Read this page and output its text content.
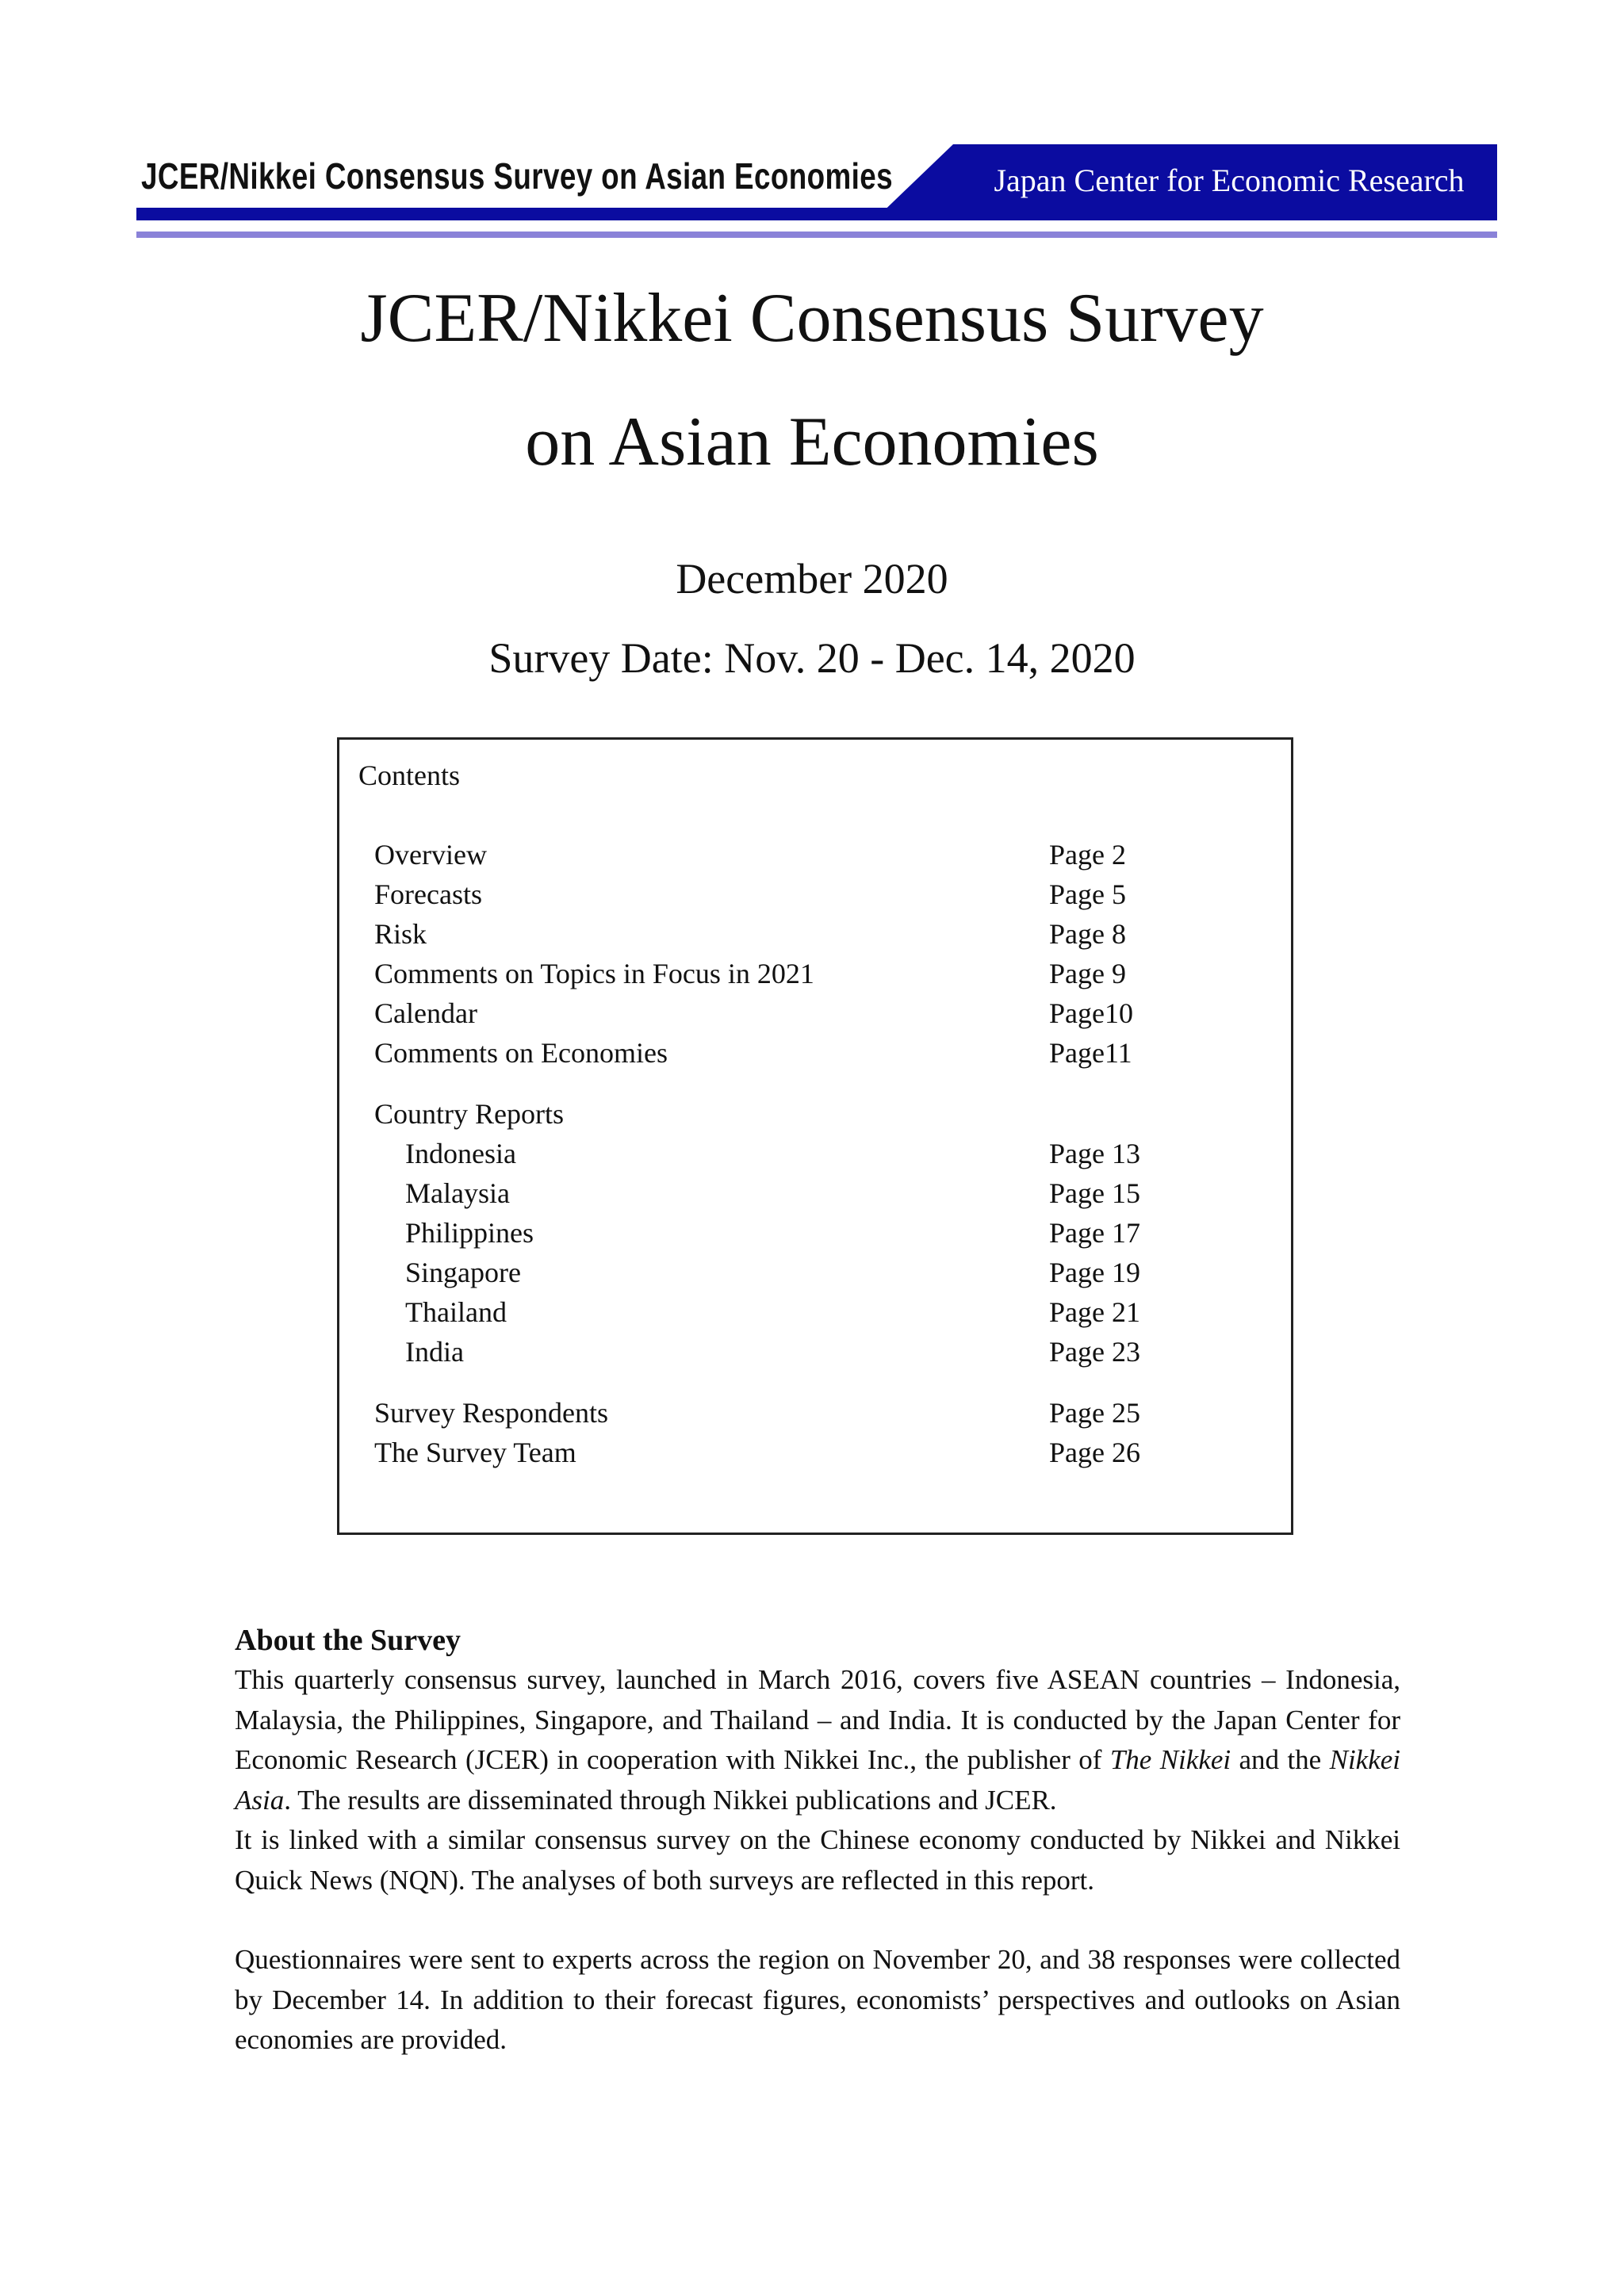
JCER/Nikkei Consensus Survey on Asian Economies	Japan Center for Economic Research
JCER/Nikkei Consensus Survey
on Asian Economies
December 2020
Survey Date: Nov. 20 - Dec. 14, 2020
Contents
Overview	Page 2
Forecasts	Page 5
Risk	Page 8
Comments on Topics in Focus in 2021	Page 9
Calendar	Page10
Comments on Economies	Page11
Country Reports
Indonesia	Page 13
Malaysia	Page 15
Philippines	Page 17
Singapore	Page 19
Thailand	Page 21
India	Page 23
Survey Respondents	Page 25
The Survey Team	Page 26
About the Survey

This quarterly consensus survey, launched in March 2016, covers five ASEAN countries – Indonesia, Malaysia, the Philippines, Singapore, and Thailand – and India. It is conducted by the Japan Center for Economic Research (JCER) in cooperation with Nikkei Inc., the publisher of The Nikkei and the Nikkei Asia. The results are disseminated through Nikkei publications and JCER.

It is linked with a similar consensus survey on the Chinese economy conducted by Nikkei and Nikkei Quick News (NQN). The analyses of both surveys are reflected in this report.

Questionnaires were sent to experts across the region on November 20, and 38 responses were collected by December 14. In addition to their forecast figures, economists’ perspectives and outlooks on Asian economies are provided.
